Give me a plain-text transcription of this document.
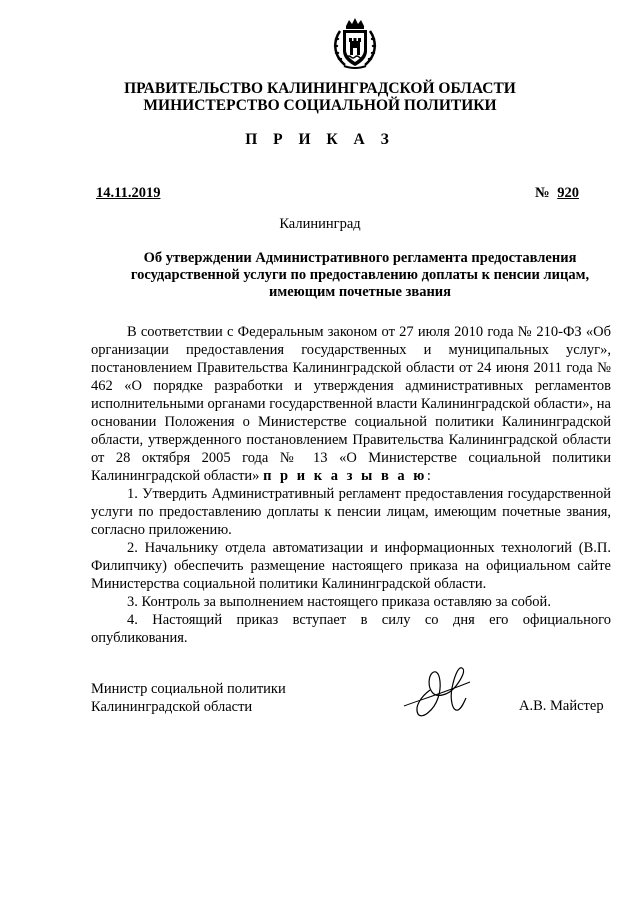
ПРАВИТЕЛЬСТВО КАЛИНИНГРАДСКОЙ ОБЛАСТИ
МИНИСТЕРСТВО СОЦИАЛЬНОЙ ПОЛИТИКИ
П Р И К А З
14.11.2019	№ 920
Калининград
Об утверждении Административного регламента предоставления государственной услуги по предоставлению доплаты к пенсии лицам, имеющим почетные звания

В соответствии с Федеральным законом от 27 июля 2010 года № 210-ФЗ «Об организации предоставления государственных и муниципальных услуг», постановлением Правительства Калининградской области от 24 июня 2011 года № 462 «О порядке разработки и утверждения административных регламентов исполнительными органами государственной власти Калининградской области», на основании Положения о Министерстве социальной политики Калининградской области, утвержденного постановлением Правительства Калининградской области от 28 октября 2005 года № 13 «О Министерстве социальной политики Калининградской области» п р и к а з ы в а ю:

1. Утвердить Административный регламент предоставления государственной услуги по предоставлению доплаты к пенсии лицам, имеющим почетные звания, согласно приложению.

2. Начальнику отдела автоматизации и информационных технологий (В.П. Филипчику) обеспечить размещение настоящего приказа на официальном сайте Министерства социальной политики Калининградской области.

3. Контроль за выполнением настоящего приказа оставляю за собой.

4. Настоящий приказ вступает в силу со дня его официального опубликования.

Министр социальной политики
Калининградской области	А.В. Майстер
